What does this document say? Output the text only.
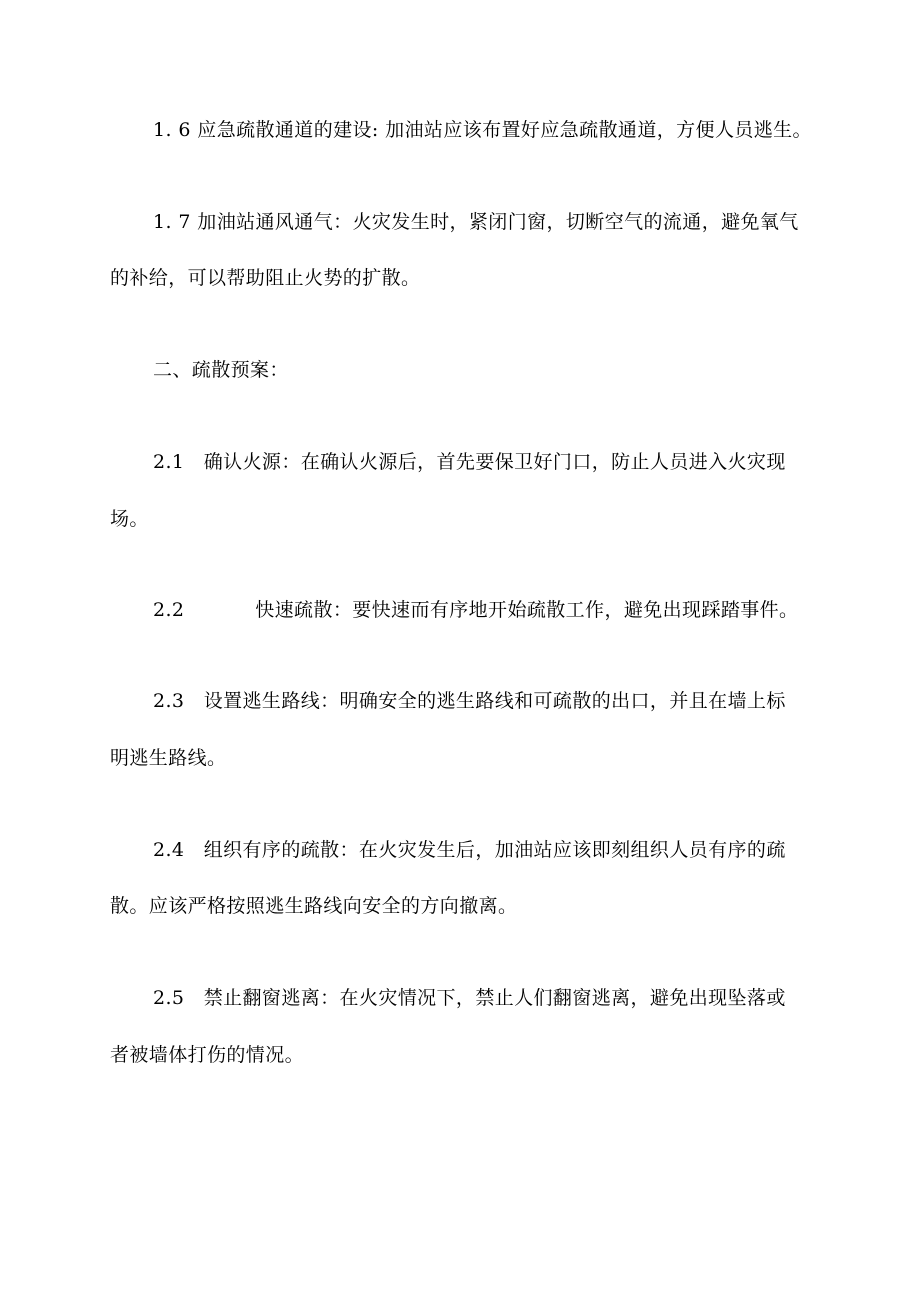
1. 6 应急疏散通道的建设: 加油站应该布置好应急疏散通道，方便人员逃生。
1. 7 加油站通风通气：火灾发生时，紧闭门窗，切断空气的流通，避免氧气
的补给，可以帮助阻止火势的扩散。
二、疏散预案：
2.1   确认火源：在确认火源后，首先要保卫好门口，防止人员进入火灾现
场。
2.2           快速疏散：要快速而有序地开始疏散工作，避免出现踩踏事件。
2.3   设置逃生路线：明确安全的逃生路线和可疏散的出口，并且在墙上标
明逃生路线。
2.4   组织有序的疏散：在火灾发生后，加油站应该即刻组织人员有序的疏
散。应该严格按照逃生路线向安全的方向撤离。
2.5   禁止翻窗逃离：在火灾情况下，禁止人们翻窗逃离，避免出现坠落或
者被墙体打伤的情况。
